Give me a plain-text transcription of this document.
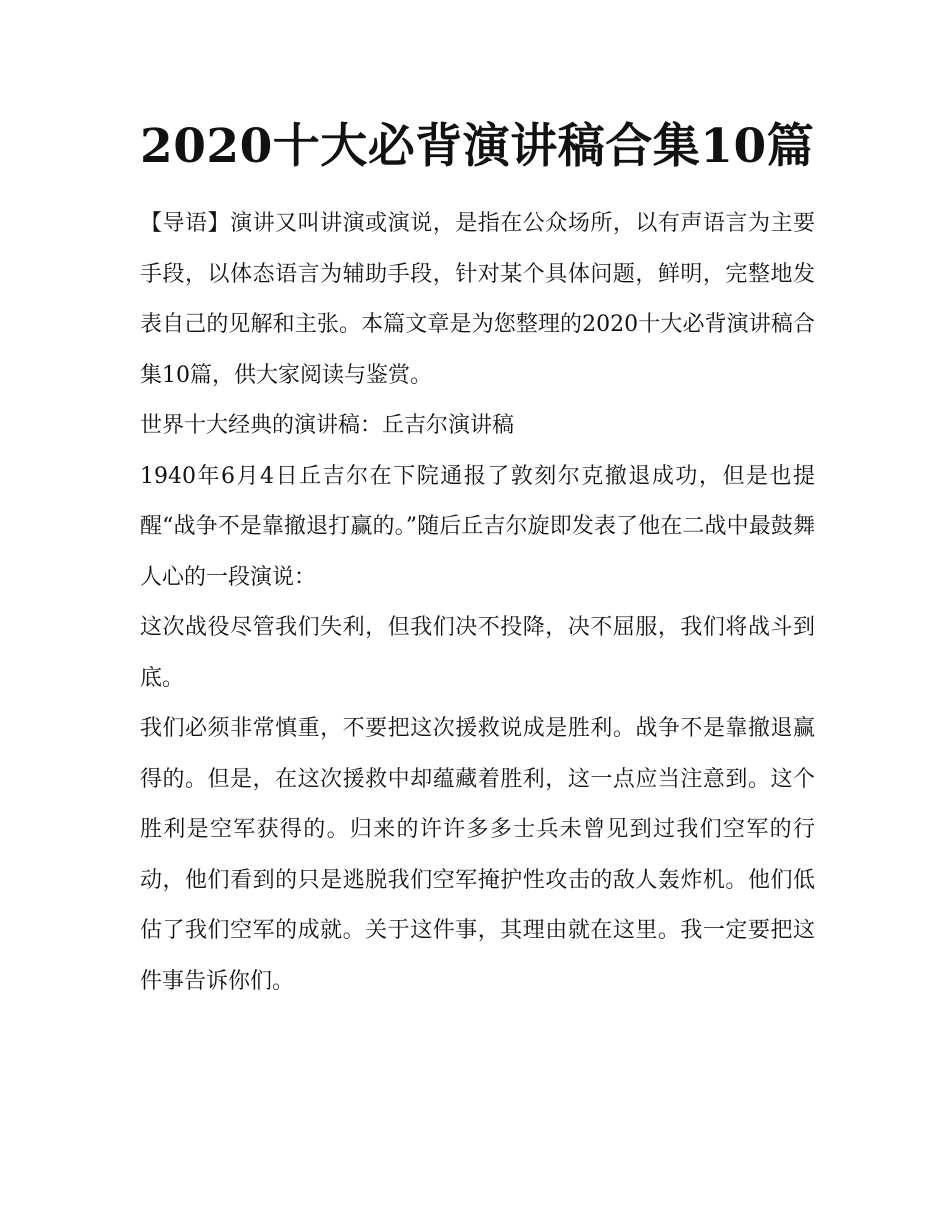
2020十大必背演讲稿合集10篇

【导语】演讲又叫讲演或演说，是指在公众场所，以有声语言为主要手段，以体态语言为辅助手段，针对某个具体问题，鲜明，完整地发表自己的见解和主张。本篇文章是为您整理的2020十大必背演讲稿合集10篇，供大家阅读与鉴赏。

世界十大经典的演讲稿：丘吉尔演讲稿

1940年6月4日丘吉尔在下院通报了敦刻尔克撤退成功，但是也提醒“战争不是靠撤退打赢的。”随后丘吉尔旋即发表了他在二战中最鼓舞人心的一段演说：

这次战役尽管我们失利，但我们决不投降，决不屈服，我们将战斗到底。

我们必须非常慎重，不要把这次援救说成是胜利。战争不是靠撤退赢得的。但是，在这次援救中却蕴藏着胜利，这一点应当注意到。这个胜利是空军获得的。归来的许许多多士兵未曾见到过我们空军的行动，他们看到的只是逃脱我们空军掩护性攻击的敌人轰炸机。他们低估了我们空军的成就。关于这件事，其理由就在这里。我一定要把这件事告诉你们。
